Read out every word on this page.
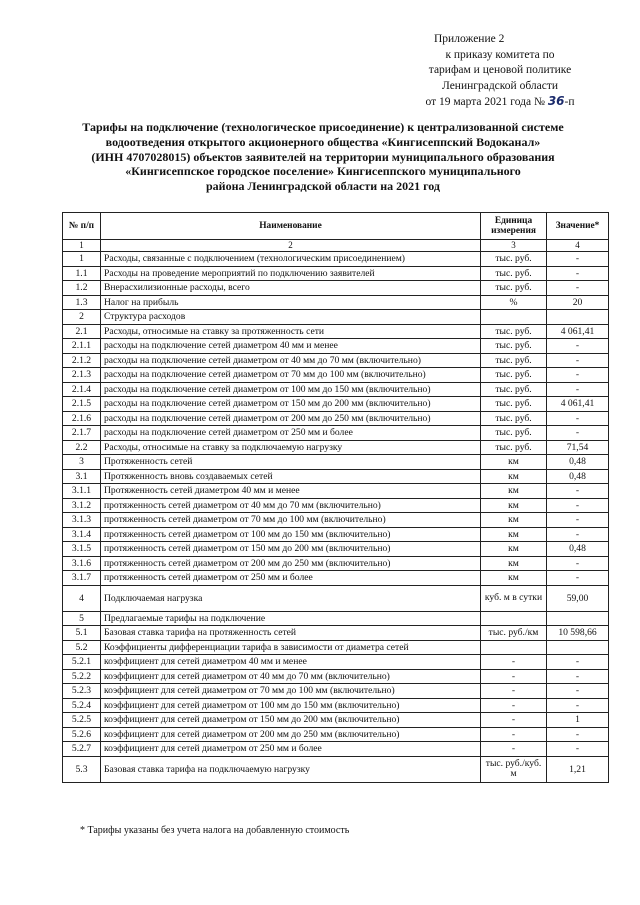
Приложение 2
к приказу комитета по
тарифам и ценовой политике
Ленинградской области
от 19 марта 2021 года № 36-п
Тарифы на подключение (технологическое присоединение) к централизованной системе
водоотведения открытого акционерного общества «Кингисеппский Водоканал»
(ИНН 4707028015) объектов заявителей на территории муниципального образования
«Кингисеппское городское поселение» Кингисеппского муниципального
района Ленинградской области на 2021 год
№ п/п	Наименование	Единица измерения	Значение*
1	2	3	4
1	Расходы, связанные с подключением (технологическим присоединением)	тыс. руб.	-
1.1	Расходы на проведение мероприятий по подключению заявителей	тыс. руб.	-
1.2	Внерасхилизионные расходы, всего	тыс. руб.	-
1.3	Налог на прибыль	%	20
2	Структура расходов		
2.1	Расходы, относимые на ставку за протяженность сети	тыс. руб.	4 061,41
2.1.1	расходы на подключение сетей диаметром 40 мм и менее	тыс. руб.	-
2.1.2	расходы на подключение сетей диаметром от 40 мм до 70 мм (включительно)	тыс. руб.	-
2.1.3	расходы на подключение сетей диаметром от 70 мм до 100 мм (включительно)	тыс. руб.	-
2.1.4	расходы на подключение сетей диаметром от 100 мм до 150 мм (включительно)	тыс. руб.	-
2.1.5	расходы на подключение сетей диаметром от 150 мм до 200 мм (включительно)	тыс. руб.	4 061,41
2.1.6	расходы на подключение сетей диаметром от 200 мм до 250 мм (включительно)	тыс. руб.	-
2.1.7	расходы на подключение сетей диаметром от 250 мм и более	тыс. руб.	-
2.2	Расходы, относимые на ставку за подключаемую нагрузку	тыс. руб.	71,54
3	Протяженность сетей	км	0,48
3.1	Протяженность вновь создаваемых сетей	км	0,48
3.1.1	Протяженность сетей диаметром 40 мм и менее	км	-
3.1.2	протяженность сетей диаметром от 40 мм до 70 мм (включительно)	км	-
3.1.3	протяженность сетей диаметром от 70 мм до 100 мм (включительно)	км	-
3.1.4	протяженность сетей диаметром от 100 мм до 150 мм (включительно)	км	-
3.1.5	протяженность сетей диаметром от 150 мм до 200 мм (включительно)	км	0,48
3.1.6	протяженность сетей диаметром от 200 мм до 250 мм (включительно)	км	-
3.1.7	протяженность сетей диаметром от 250 мм и более	км	-
4	Подключаемая нагрузка	куб. м в сутки	59,00
5	Предлагаемые тарифы на подключение		
5.1	Базовая ставка тарифа на протяженность сетей	тыс. руб./км	10 598,66
5.2	Коэффициенты дифференциации тарифа в зависимости от диаметра сетей		
5.2.1	коэффициент для сетей диаметром 40 мм и менее	-	-
5.2.2	коэффициент для сетей диаметром от 40 мм до 70 мм (включительно)	-	-
5.2.3	коэффициент для сетей диаметром от 70 мм до 100 мм (включительно)	-	-
5.2.4	коэффициент для сетей диаметром от 100 мм до 150 мм (включительно)	-	-
5.2.5	коэффициент для сетей диаметром от 150 мм до 200 мм (включительно)	-	1
5.2.6	коэффициент для сетей диаметром от 200 мм до 250 мм (включительно)	-	-
5.2.7	коэффициент для сетей диаметром от 250 мм и более	-	-
5.3	Базовая ставка тарифа на подключаемую нагрузку	тыс. руб./куб. м	1,21
* Тарифы указаны без учета налога на добавленную стоимость
